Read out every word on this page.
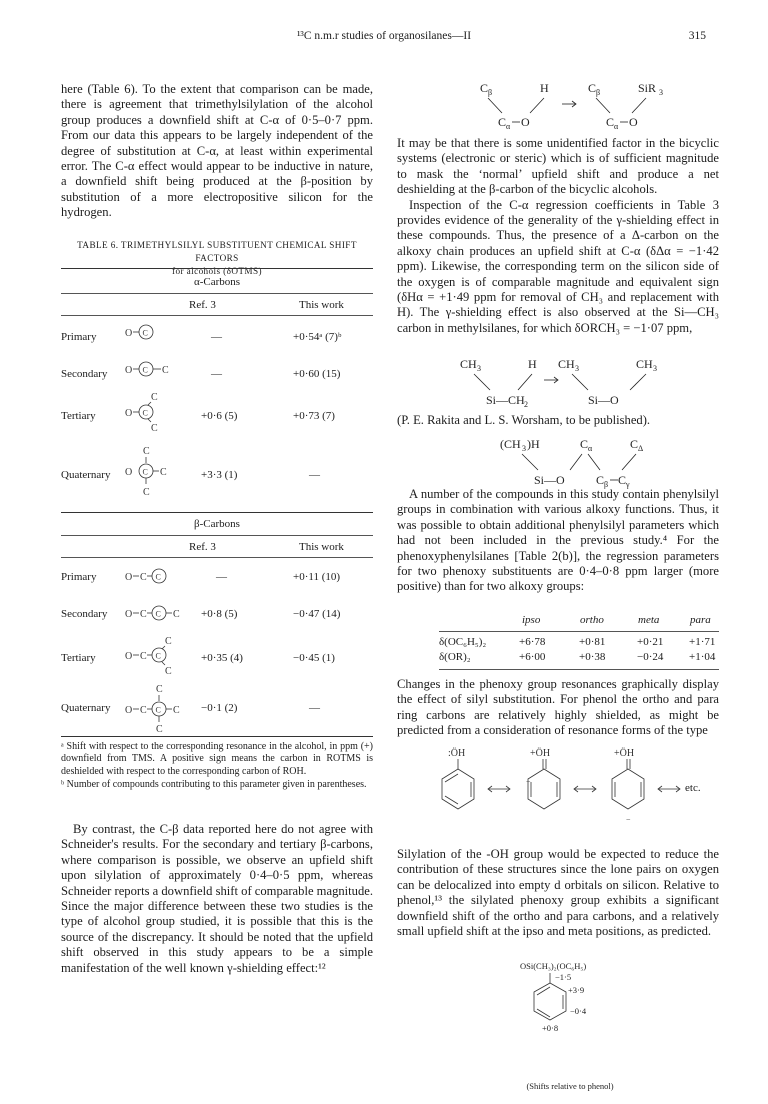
¹³C n.m.r studies of organosilanes—II	315

here (Table 6). To the extent that comparison can be made, there is agreement that trimethylsilylation of the alcohol group produces a downfield shift at C-α of 0·5–0·7 ppm. From our data this appears to be largely independent of the degree of substitution at C-α, at least within experimental error. The C-α effect would appear to be inductive in nature, a downfield shift being produced at the β-position by substitution of a more electropositive silicon for the hydrogen.

TABLE 6. TRIMETHYLSILYL SUBSTITUENT CHEMICAL SHIFT FACTORS
for alcohols (δOTMS)
α-Carbons
Ref. 3	This work
Primary	—	+0·54ᵃ (7)ᵇ
Secondary	—	+0·60 (15)
Tertiary	+0·6 (5)	+0·73 (7)
Quaternary	+3·3 (1)	—
O C
O C C
C
O C
C
C
O C C
C
β-Carbons
Ref. 3	This work
Primary	—	+0·11 (10)
Secondary	+0·8 (5)	−0·47 (14)
Tertiary	+0·35 (4)	−0·45 (1)
Quaternary	−0·1 (2)	—
O C C
O C C C
C
O C C
C
C
O C C C
C
ᵃ Shift with respect to the corresponding resonance in the alcohol, in ppm (+) downfield from TMS. A positive sign means the carbon in ROTMS is deshielded with respect to the corresponding carbon of ROH.
ᵇ Number of compounds contributing to this parameter given in parentheses.

By contrast, the C-β data reported here do not agree with Schneider's results. For the secondary and tertiary β-carbons, where comparison is possible, we observe an upfield shift upon silylation of approximately 0·4–0·5 ppm, whereas Schneider reports a downfield shift of comparable magnitude. Since the major difference between these two studies is the type of alcohol group studied, it is possible that this is the source of the discrepancy. It should be noted that the upfield shift observed in this study appears to be a simple manifestation of the well known γ-shielding effect:¹²

C β	H	C β	SiR 3
C α O	C α O

It may be that there is some unidentified factor in the bicyclic systems (electronic or steric) which is of sufficient magnitude to mask the ‘normal’ upfield shift and produce a net deshielding at the β-carbon of the bicyclic alcohols.

Inspection of the C-α regression coefficients in Table 3 provides evidence of the generality of the γ-shielding effect in these compounds. Thus, the presence of a Δ-carbon on the alkoxy chain produces an upfield shift at C-α (δΔα = −1·42 ppm). Likewise, the corresponding term on the silicon side of the oxygen is of comparable magnitude and equivalent sign (δHα = +1·49 ppm for removal of CH₃ and replacement with H). The γ-shielding effect is also observed at the Si—CH₃ carbon in methylsilanes, for which δORCH₃ = −1·07 ppm,

CH 3	H CH 3	CH 3
Si—CH 2	Si—O

(P. E. Rakita and L. S. Worsham, to be published).

(CH 3 )H	C α	C Δ
Si—O	C β C γ

A number of the compounds in this study contain phenylsilyl groups in combination with various alkoxy functions. Thus, it was possible to obtain additional phenylsilyl parameters which had not been included in the previous study.⁴ For the phenoxyphenylsilanes [Table 2(b)], the regression parameters for two phenoxy substituents are 0·4–0·8 ppm larger (more positive) than for two alkoxy groups:

ipso	ortho	meta	para
δ(OC₆H₅)₂	+6·78	+0·81	+0·21 +1·71
δ(OR)₂	+6·00	+0·38	−0·24 +1·04

Changes in the phenoxy group resonances graphically display the effect of silyl substitution. For phenol the ortho and para ring carbons are relatively highly shielded, as might be predicted from a consideration of resonance forms of the type

:ÖH	+ÖH
−
+ÖH
−
etc.

Silylation of the -OH group would be expected to reduce the contribution of these structures since the lone pairs on oxygen can be delocalized into empty d orbitals on silicon. Relative to phenol,¹³ the silylated phenoxy group exhibits a significant downfield shift of the ortho and para carbons, and a relatively small upfield shift at the ipso and meta positions, as predicted.

OSi(CH₃)₂(OC₆H₅)
−1·5
+3·9
−0·4
+0·8
(Shifts relative to phenol)
